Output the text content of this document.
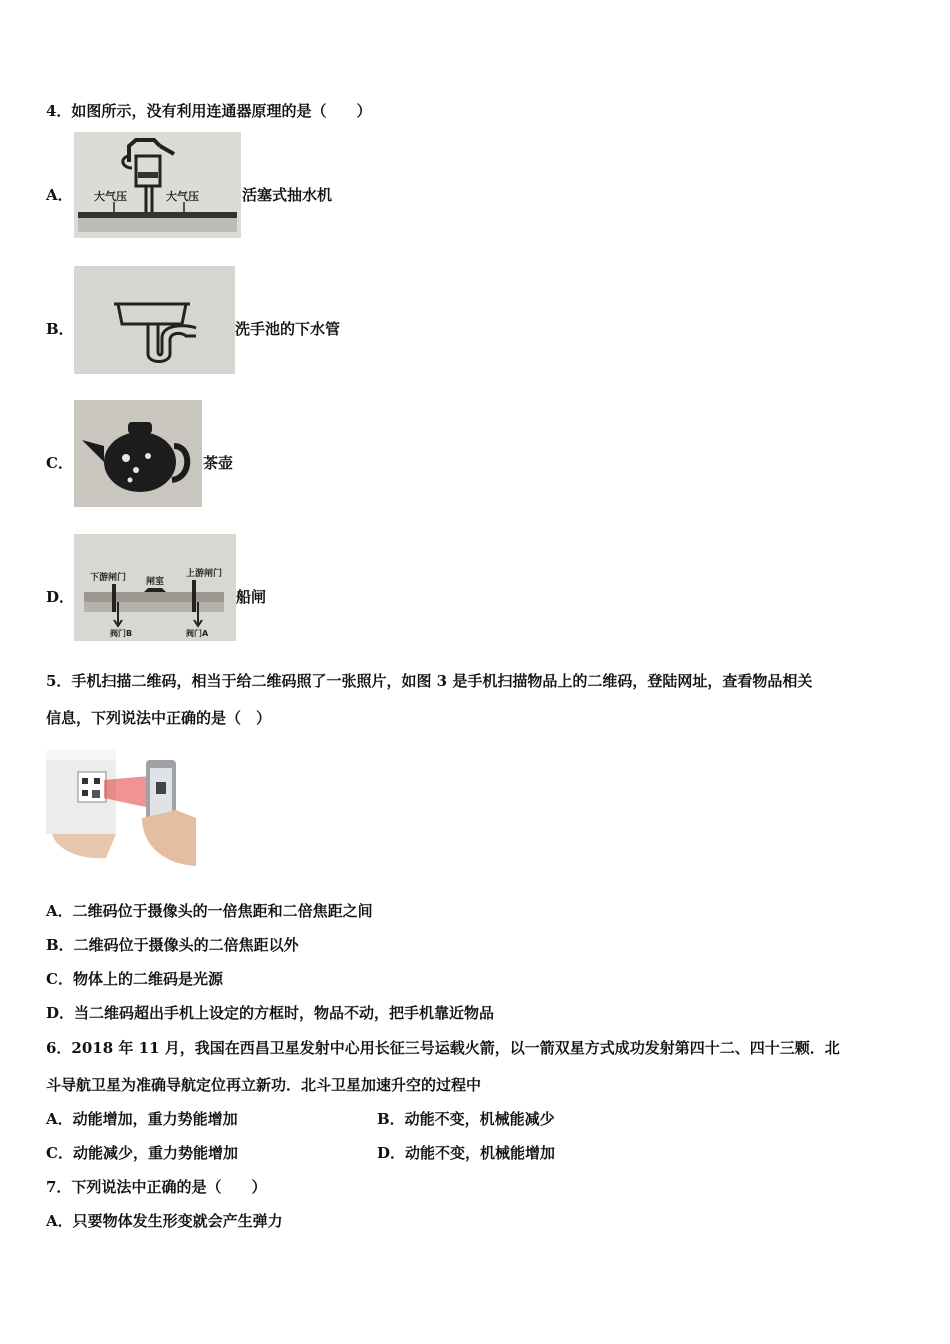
4．如图所示，没有利用连通器原理的是（　　）
A． 大气压	大气压	活塞式抽水机
B．	洗手池的下水管
C．	茶壶
D．
下游闸门 闸室
上游闸门
阀门B	阀门A
船闸
5．手机扫描二维码，相当于给二维码照了一张照片，如图 3 是手机扫描物品上的二维码，登陆网址，查看物品相关
信息，下列说法中正确的是（　）
A．二维码位于摄像头的一倍焦距和二倍焦距之间
B．二维码位于摄像头的二倍焦距以外
C．物体上的二维码是光源
D．当二维码超出手机上设定的方框时，物品不动，把手机靠近物品
6．2018 年 11 月，我国在西昌卫星发射中心用长征三号运载火箭，以一箭双星方式成功发射第四十二、四十三颗．北
斗导航卫星为准确导航定位再立新功．北斗卫星加速升空的过程中
A．动能增加，重力势能增加	B．动能不变，机械能减少
C．动能减少，重力势能增加	D．动能不变，机械能增加
7．下列说法中正确的是（　　）
A．只要物体发生形变就会产生弹力
